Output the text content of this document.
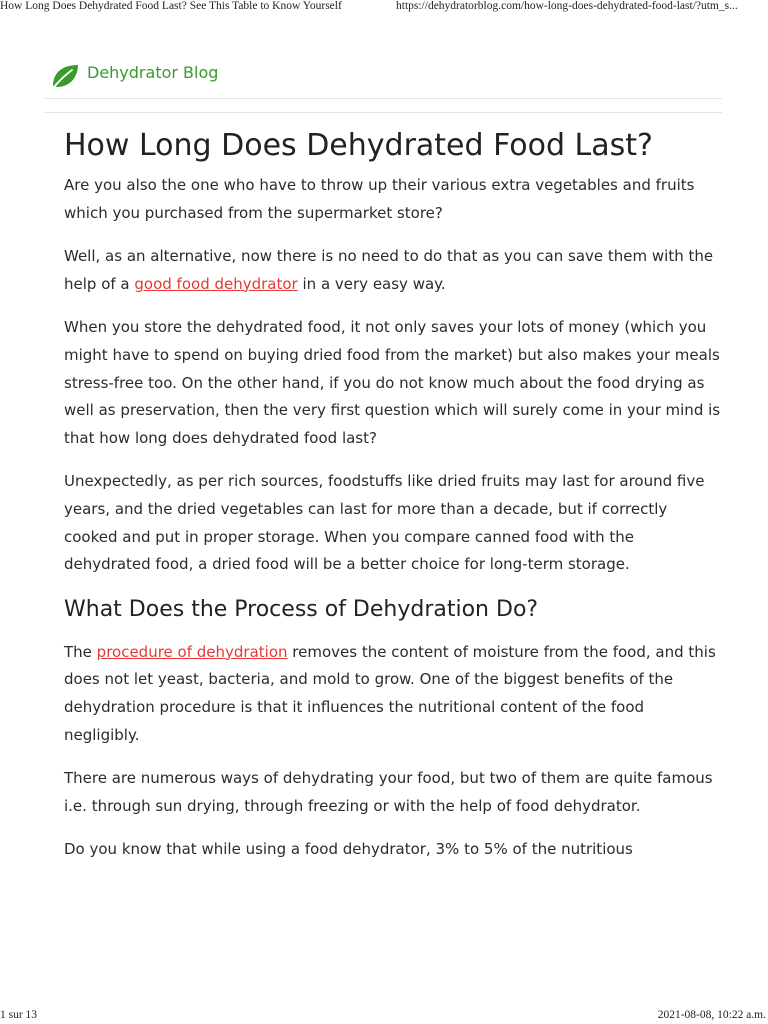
How Long Does Dehydrated Food Last? See This Table to Know Yourself	https://dehydratorblog.com/how-long-does-dehydrated-food-last/?utm_s...
Dehydrator Blog
How Long Does Dehydrated Food Last?

Are you also the one who have to throw up their various extra vegetables and fruits which you purchased from the supermarket store?

Well, as an alternative, now there is no need to do that as you can save them with the help of a good food dehydrator in a very easy way.

When you store the dehydrated food, it not only saves your lots of money (which you might have to spend on buying dried food from the market) but also makes your meals stress-free too. On the other hand, if you do not know much about the food drying as well as preservation, then the very first question which will surely come in your mind is that how long does dehydrated food last?

Unexpectedly, as per rich sources, foodstuffs like dried fruits may last for around five years, and the dried vegetables can last for more than a decade, but if correctly cooked and put in proper storage. When you compare canned food with the dehydrated food, a dried food will be a better choice for long-term storage.

What Does the Process of Dehydration Do?

The procedure of dehydration removes the content of moisture from the food, and this does not let yeast, bacteria, and mold to grow. One of the biggest benefits of the dehydration procedure is that it influences the nutritional content of the food negligibly.

There are numerous ways of dehydrating your food, but two of them are quite famous i.e. through sun drying, through freezing or with the help of food dehydrator.

Do you know that while using a food dehydrator, 3% to 5% of the nutritious

1 sur 13	2021-08-08, 10:22 a.m.
